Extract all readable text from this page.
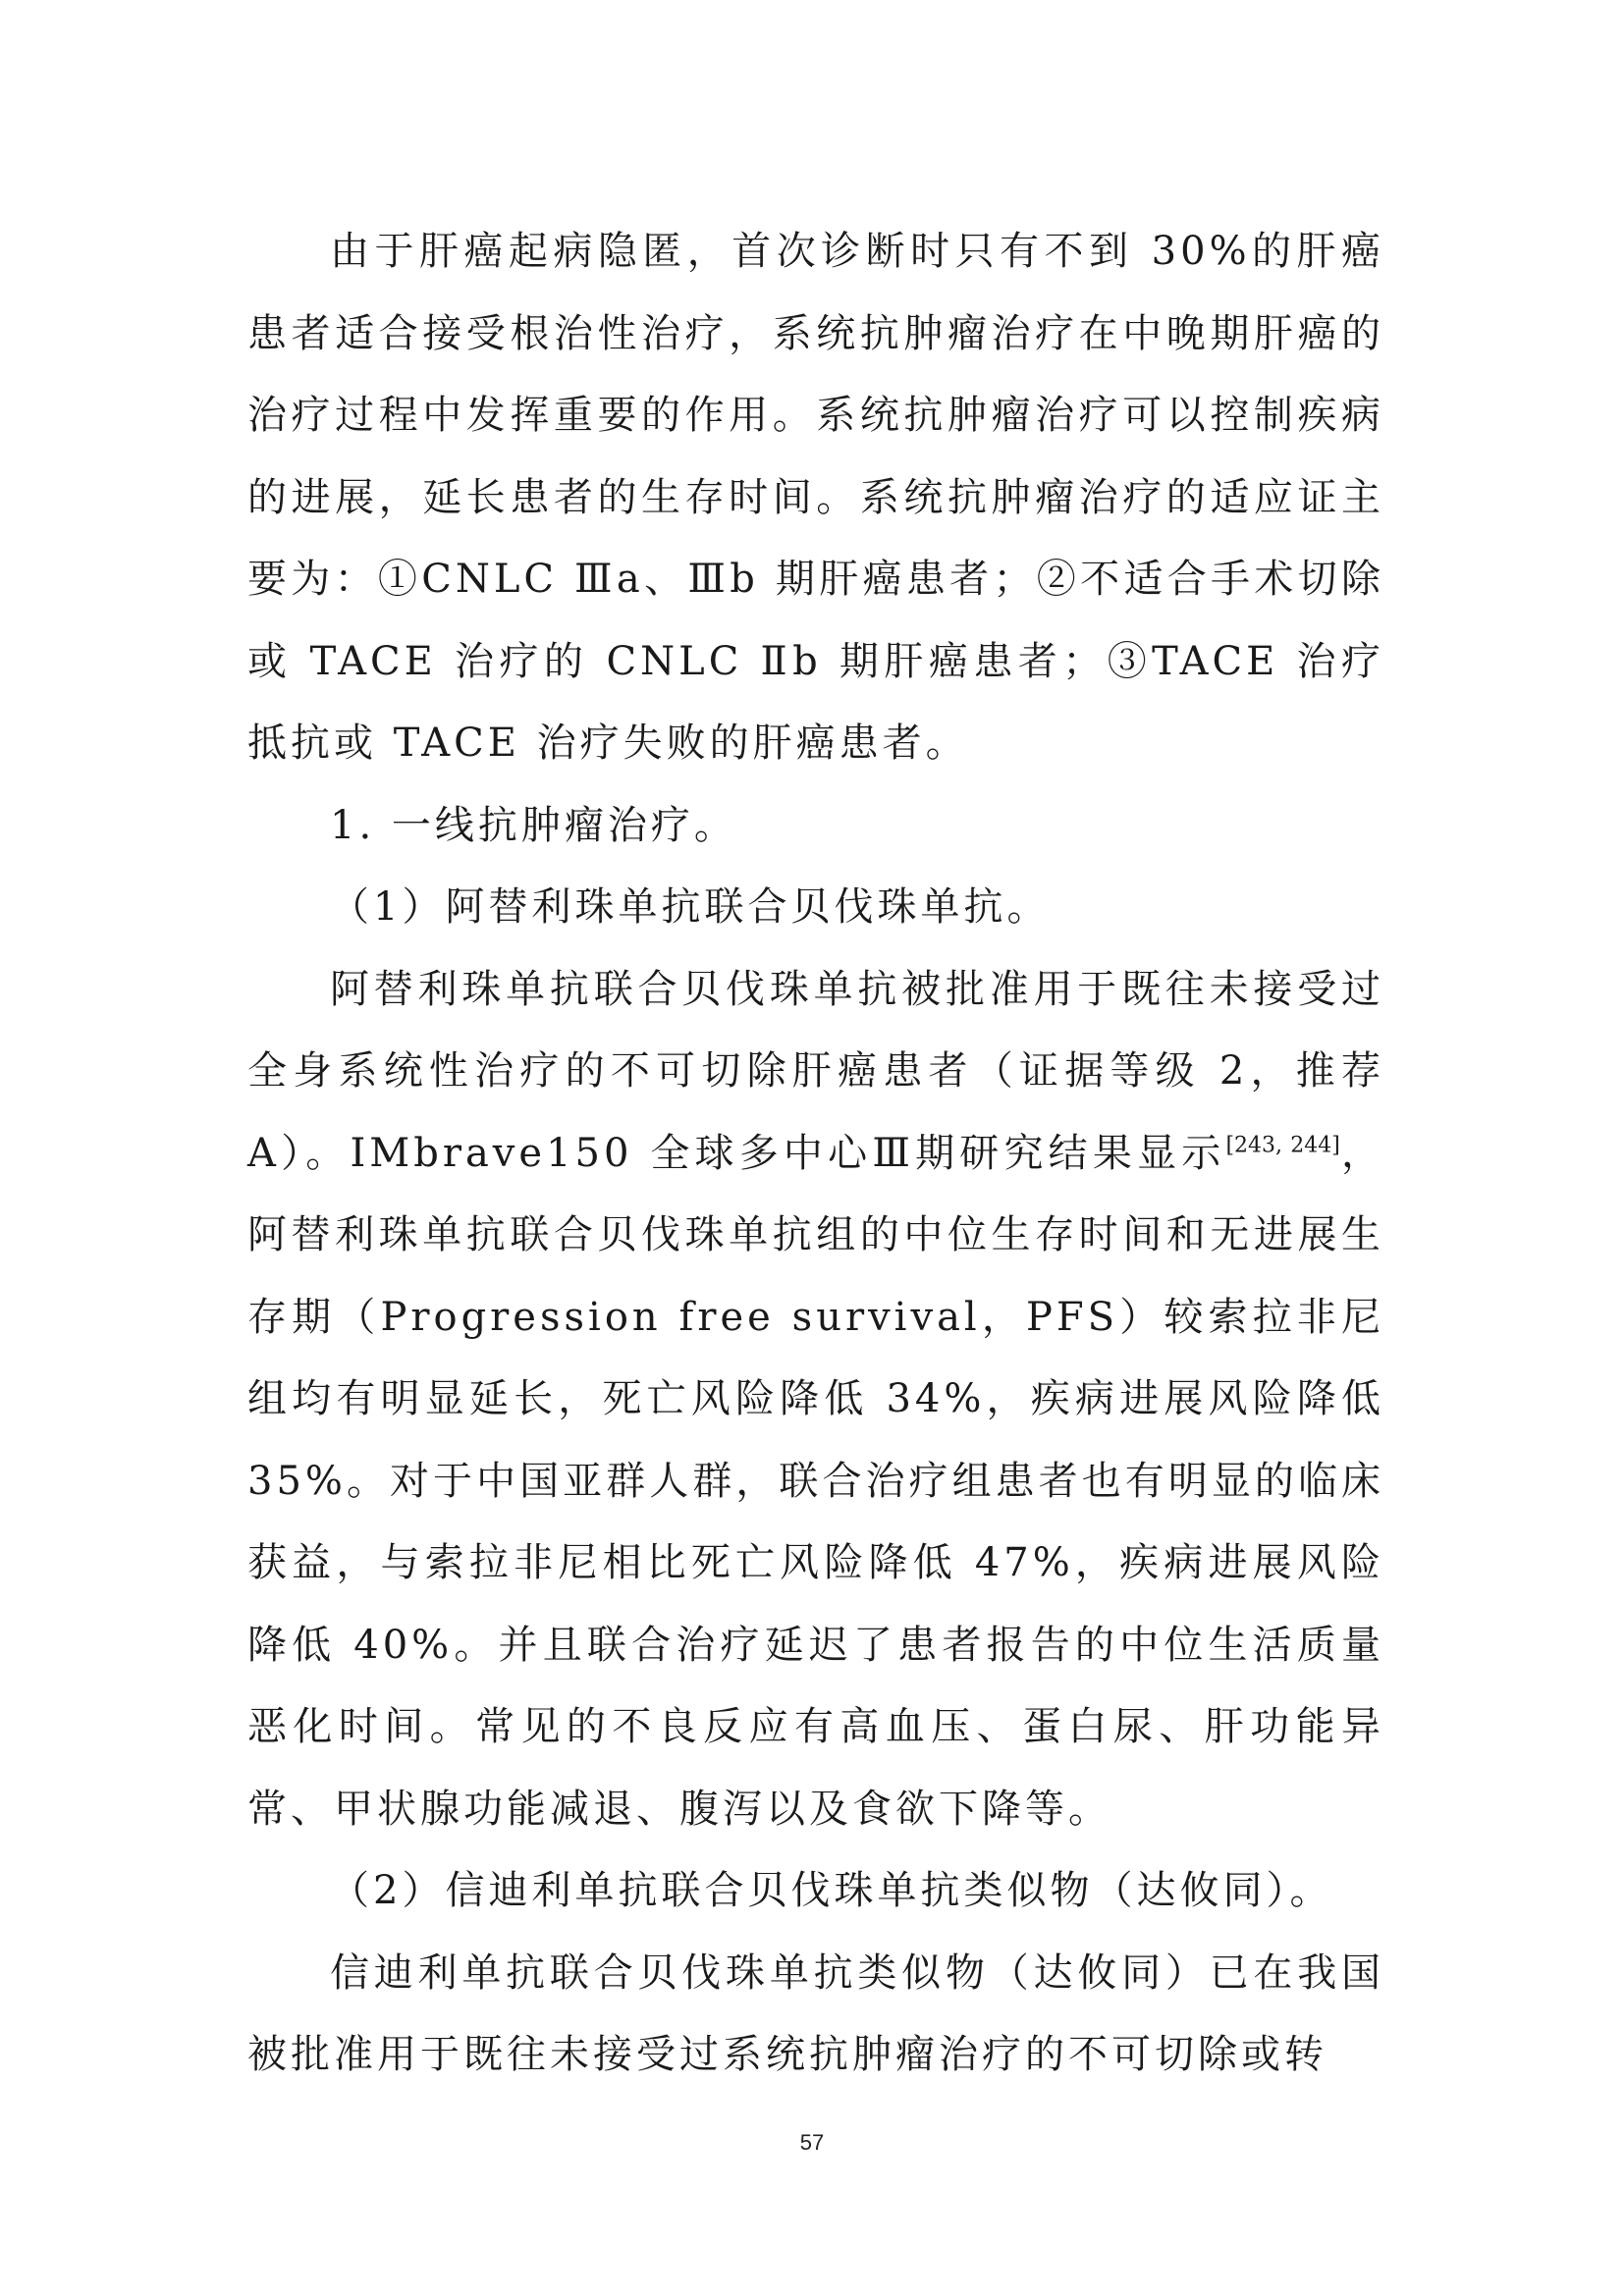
由于肝癌起病隐匿，首次诊断时只有不到 30%的肝癌患者适合接受根治性治疗，系统抗肿瘤治疗在中晚期肝癌的治疗过程中发挥重要的作用。系统抗肿瘤治疗可以控制疾病的进展，延长患者的生存时间。系统抗肿瘤治疗的适应证主要为：①CNLC Ⅲa、Ⅲb 期肝癌患者；②不适合手术切除或 TACE 治疗的 CNLC Ⅱb 期肝癌患者；③TACE 治疗抵抗或 TACE 治疗失败的肝癌患者。

1. 一线抗肿瘤治疗。

（1）阿替利珠单抗联合贝伐珠单抗。

阿替利珠单抗联合贝伐珠单抗被批准用于既往未接受过全身系统性治疗的不可切除肝癌患者（证据等级 2，推荐 A）。IMbrave150 全球多中心Ⅲ期研究结果显示[243, 244]，阿替利珠单抗联合贝伐珠单抗组的中位生存时间和无进展生存期（Progression free survival，PFS）较索拉非尼组均有明显延长，死亡风险降低 34%，疾病进展风险降低 35%。对于中国亚群人群，联合治疗组患者也有明显的临床获益，与索拉非尼相比死亡风险降低 47%，疾病进展风险降低 40%。并且联合治疗延迟了患者报告的中位生活质量恶化时间。常见的不良反应有高血压、蛋白尿、肝功能异常、甲状腺功能减退、腹泻以及食欲下降等。

（2）信迪利单抗联合贝伐珠单抗类似物（达攸同）。

信迪利单抗联合贝伐珠单抗类似物（达攸同）已在我国被批准用于既往未接受过系统抗肿瘤治疗的不可切除或转

57
